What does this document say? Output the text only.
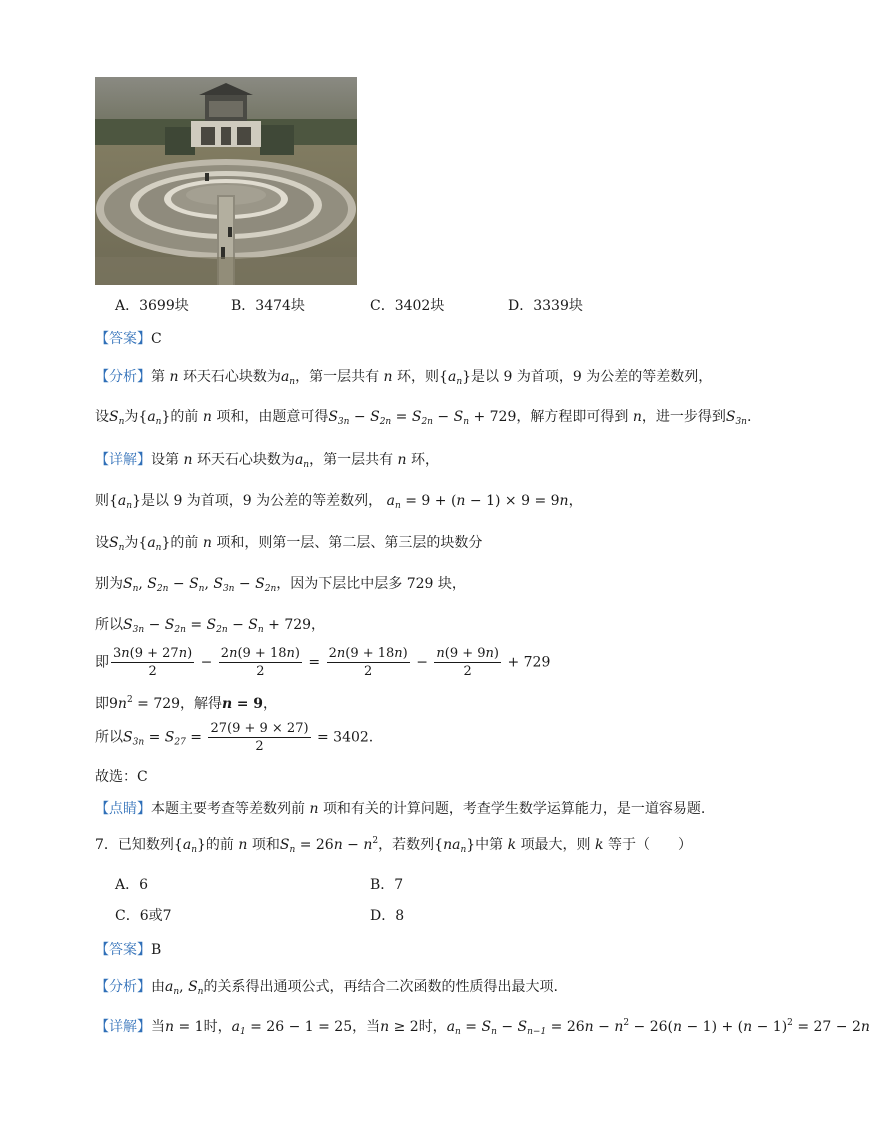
A．3699块	B．3474块	C．3402块	D．3339块
【答案】C
【分析】第 n 环天石心块数为$a_n$，第一层共有 n 环，则$\{a_n\}$是以 9 为首项，9 为公差的等差数列，
设$S_n$为$\{a_n\}$的前 n 项和，由题意可得$S_{3n} - S_{2n} = S_{2n} - S_n + 729$，解方程即可得到 n，进一步得到$S_{3n}$.
【详解】设第 n 环天石心块数为$a_n$，第一层共有 n 环，
则$\{a_n\}$是以 9 为首项，9 为公差的等差数列， $a_n = 9 + (n - 1) \times 9 = 9n$，
设$S_n$为$\{a_n\}$的前 n 项和，则第一层、第二层、第三层的块数分
别为$S_n$, $S_{2n} - S_n$, $S_{3n} - S_{2n}$，因为下层比中层多 729 块，
所以$S_{3n} - S_{2n} = S_{2n} - S_n + 729$，
即 $\frac{3n(9 + 27n)}{2} - \frac{2n(9 + 18n)}{2} = \frac{2n(9 + 18n)}{2} - \frac{n(9 + 9n)}{2} + 729$
即$9n^2 = 729$，解得n = 9，
所以$S_{3n} = S_{27} = \frac{27(9 + 9 \times 27)}{2} = 3402$.
故选：C
【点睛】本题主要考查等差数列前 n 项和有关的计算问题，考查学生数学运算能力，是一道容易题.
7．已知数列$\{a_n\}$的前 n 项和$S_n = 26n - n^2$，若数列$\{na_n\}$中第 k 项最大，则 k 等于（　　）
A．6	B．7
C．6或7	D．8
【答案】B
【分析】由$a_n$, $S_n$的关系得出通项公式，再结合二次函数的性质得出最大项.
【详解】当n = 1时，$a_1 = 26 - 1 = 25$，当n ≥ 2时，$a_n = S_n - S_{n-1} = 26n - n^2 - 26(n - 1) + (n - 1)^2 = 27 - 2n$
